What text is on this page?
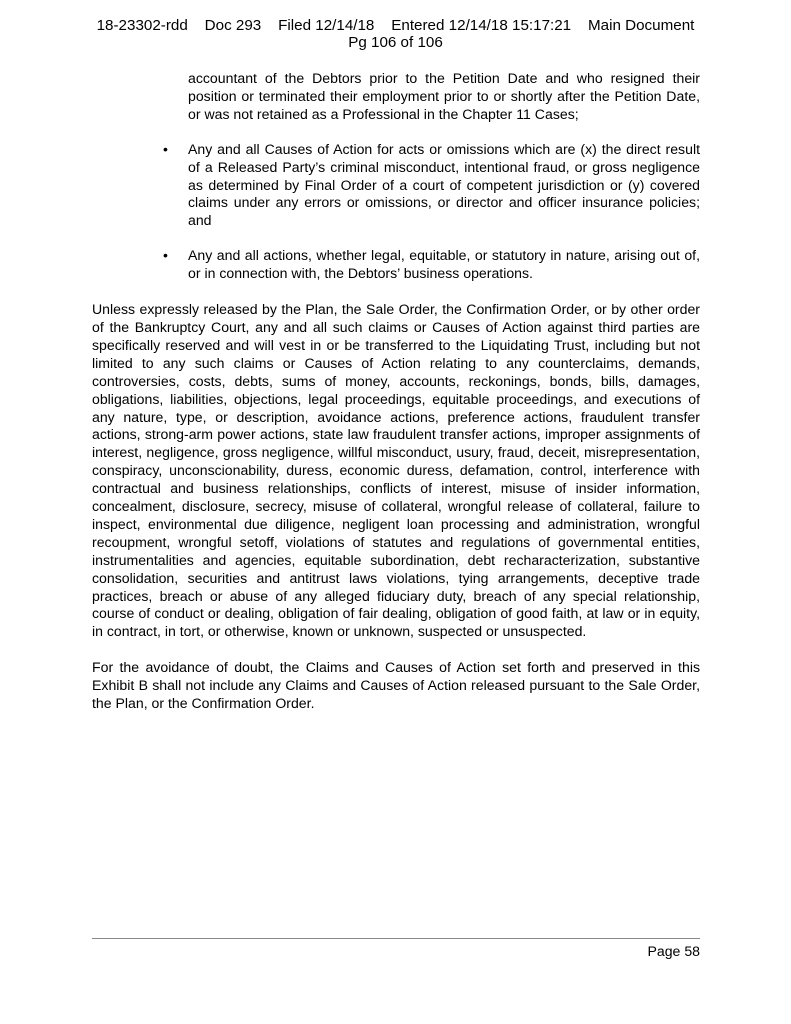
18-23302-rdd    Doc 293    Filed 12/14/18    Entered 12/14/18 15:17:21    Main Document
Pg 106 of 106

accountant of the Debtors prior to the Petition Date and who resigned their position or terminated their employment prior to or shortly after the Petition Date, or was not retained as a Professional in the Chapter 11 Cases;

• Any and all Causes of Action for acts or omissions which are (x) the direct result of a Released Party’s criminal misconduct, intentional fraud, or gross negligence as determined by Final Order of a court of competent jurisdiction or (y) covered claims under any errors or omissions, or director and officer insurance policies; and
• Any and all actions, whether legal, equitable, or statutory in nature, arising out of, or in connection with, the Debtors’ business operations.

Unless expressly released by the Plan, the Sale Order, the Confirmation Order, or by other order of the Bankruptcy Court, any and all such claims or Causes of Action against third parties are specifically reserved and will vest in or be transferred to the Liquidating Trust, including but not limited to any such claims or Causes of Action relating to any counterclaims, demands, controversies, costs, debts, sums of money, accounts, reckonings, bonds, bills, damages, obligations, liabilities, objections, legal proceedings, equitable proceedings, and executions of any nature, type, or description, avoidance actions, preference actions, fraudulent transfer actions, strong-arm power actions, state law fraudulent transfer actions, improper assignments of interest, negligence, gross negligence, willful misconduct, usury, fraud, deceit, misrepresentation, conspiracy, unconscionability, duress, economic duress, defamation, control, interference with contractual and business relationships, conflicts of interest, misuse of insider information, concealment, disclosure, secrecy, misuse of collateral, wrongful release of collateral, failure to inspect, environmental due diligence, negligent loan processing and administration, wrongful recoupment, wrongful setoff, violations of statutes and regulations of governmental entities, instrumentalities and agencies, equitable subordination, debt recharacterization, substantive consolidation, securities and antitrust laws violations, tying arrangements, deceptive trade practices, breach or abuse of any alleged fiduciary duty, breach of any special relationship, course of conduct or dealing, obligation of fair dealing, obligation of good faith, at law or in equity, in contract, in tort, or otherwise, known or unknown, suspected or unsuspected.

For the avoidance of doubt, the Claims and Causes of Action set forth and preserved in this Exhibit B shall not include any Claims and Causes of Action released pursuant to the Sale Order, the Plan, or the Confirmation Order.

Page 58
